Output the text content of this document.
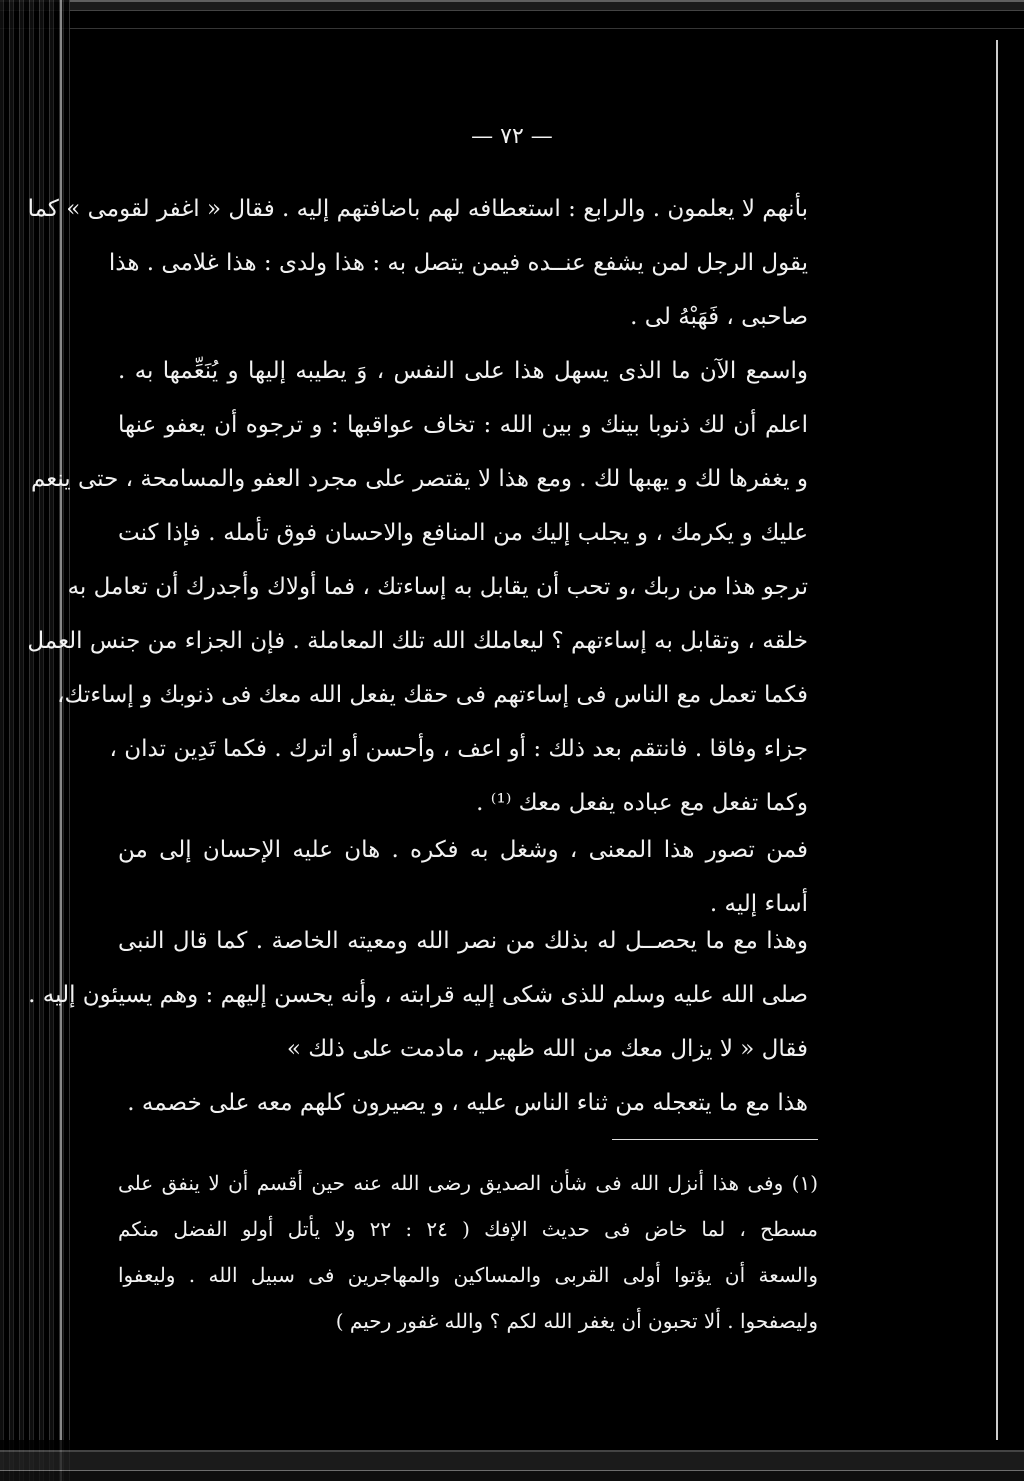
— ٧٢ —
بأنهم لا يعلمون . والرابع : استعطافه لهم باضافتهم إليه . فقال « اغفر لقومى » كما
يقول الرجل لمن يشفع عنــده فيمن يتصل به : هذا ولدى : هذا غلامى . هذا
صاحبى ، فَهَبْهُ لى .
واسمع الآن ما الذى يسهل هذا على النفس ، وَ يطيبه إليها و يُنَعِّمها به .
اعلم أن لك ذنوبا بينك و بين الله : تخاف عواقبها : و ترجوه أن يعفو عنها
و يغفرها لك و يهبها لك . ومع هذا لا يقتصر على مجرد العفو والمسامحة ، حتى ينعم
عليك و يكرمك ، و يجلب إليك من المنافع والاحسان فوق تأمله . فإذا كنت
ترجو هذا من ربك ،و تحب أن يقابل به إساءتك ، فما أولاك وأجدرك أن تعامل به
خلقه ، وتقابل به إساءتهم ؟ ليعاملك الله تلك المعاملة . فإن الجزاء من جنس العمل
فكما تعمل مع الناس فى إساءتهم فى حقك يفعل الله معك فى ذنوبك و إساءتك،
جزاء وفاقا . فانتقم بعد ذلك : أو اعف ، وأحسن أو اترك . فكما تَدِين تدان ،
وكما تفعل مع عباده يفعل معك ⁽¹⁾ .
فمن تصور هذا المعنى ، وشغل به فكره . هان عليه الإحسان إلى من
أساء إليه .
وهذا مع ما يحصــل له بذلك من نصر الله ومعيته الخاصة . كما قال النبى
صلى الله عليه وسلم للذى شكى إليه قرابته ، وأنه يحسن إليهم : وهم يسيئون إليه .
فقال « لا يزال معك من الله ظهير ، مادمت على ذلك »
هذا مع ما يتعجله من ثناء الناس عليه ، و يصيرون كلهم معه على خصمه .
(١) وفى هذا أنزل الله فى شأن الصديق رضى الله عنه حين أقسم أن لا ينفق على
مسطح ، لما خاض فى حديث الإفك ( ٢٤ : ٢٢ ولا يأتل أولو الفضل منكم
والسعة أن يؤتوا أولى القربى والمساكين والمهاجرين فى سبيل الله . وليعفوا
وليصفحوا . ألا تحبون أن يغفر الله لكم ؟ والله غفور رحيم )
